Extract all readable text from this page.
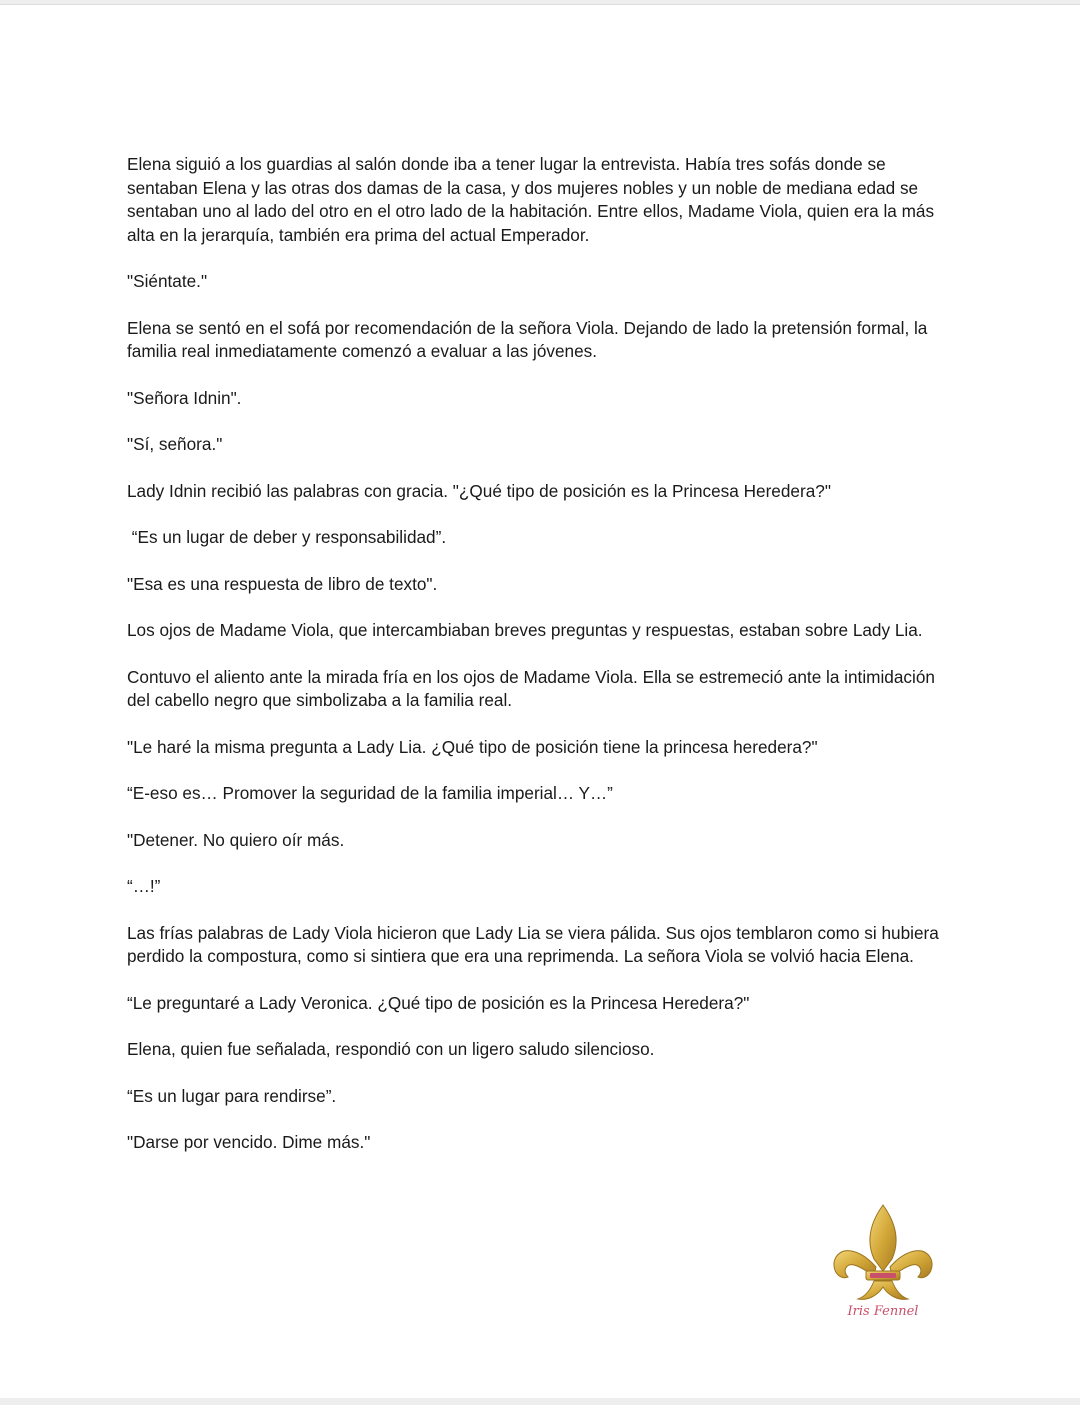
Elena siguió a los guardias al salón donde iba a tener lugar la entrevista. Había tres sofás donde se sentaban Elena y las otras dos damas de la casa, y dos mujeres nobles y un noble de mediana edad se sentaban uno al lado del otro en el otro lado de la habitación. Entre ellos, Madame Viola, quien era la más alta en la jerarquía, también era prima del actual Emperador.

"Siéntate."

Elena se sentó en el sofá por recomendación de la señora Viola. Dejando de lado la pretensión formal, la familia real inmediatamente comenzó a evaluar a las jóvenes.

"Señora Idnin".

"Sí, señora."

Lady Idnin recibió las palabras con gracia. "¿Qué tipo de posición es la Princesa Heredera?"

“Es un lugar de deber y responsabilidad”.

"Esa es una respuesta de libro de texto".

Los ojos de Madame Viola, que intercambiaban breves preguntas y respuestas, estaban sobre Lady Lia.

Contuvo el aliento ante la mirada fría en los ojos de Madame Viola. Ella se estremeció ante la intimidación del cabello negro que simbolizaba a la familia real.

"Le haré la misma pregunta a Lady Lia. ¿Qué tipo de posición tiene la princesa heredera?"

“E-eso es… Promover la seguridad de la familia imperial… Y…”

"Detener. No quiero oír más.

“…!”

Las frías palabras de Lady Viola hicieron que Lady Lia se viera pálida. Sus ojos temblaron como si hubiera perdido la compostura, como si sintiera que era una reprimenda. La señora Viola se volvió hacia Elena.

“Le preguntaré a Lady Veronica. ¿Qué tipo de posición es la Princesa Heredera?"

Elena, quien fue señalada, respondió con un ligero saludo silencioso.

“Es un lugar para rendirse”.

"Darse por vencido. Dime más."

Iris Fennel
